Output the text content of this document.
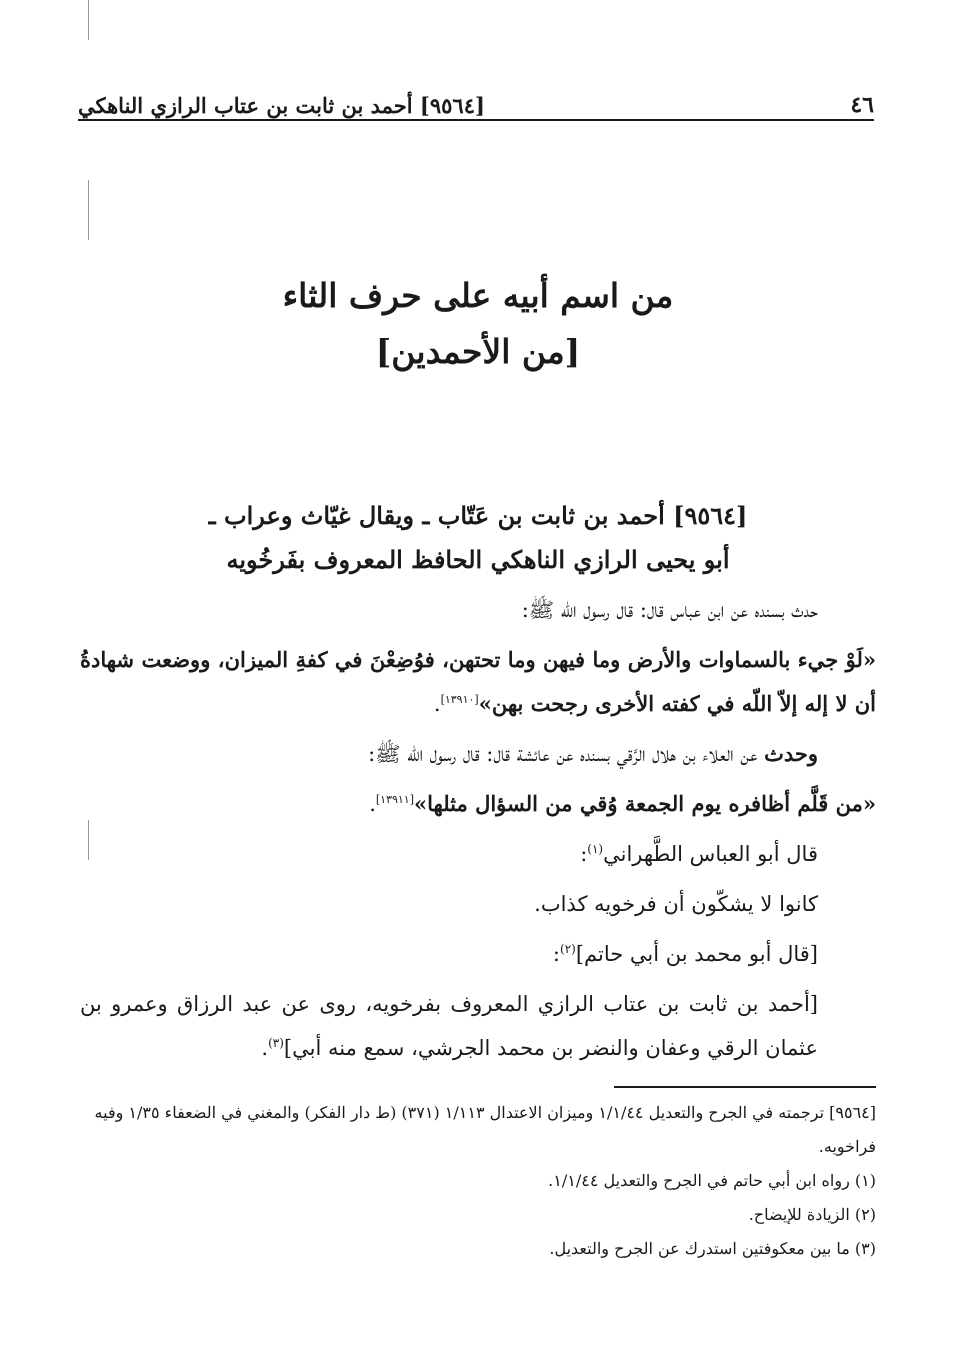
٤٦
[٩٥٦٤] أحمد بن ثابت بن عتاب الرازي الناهكي
من اسم أبيه على حرف الثاء
[من الأحمدين]
[٩٥٦٤] أحمد بن ثابت بن عَتّاب ـ ويقال غيّاث وعراب ـ
أبو يحيى الرازي الناهكي الحافظ المعروف بفَرخُويه

حدث بسنده عن ابن عباس قال: قال رسول الله ﷺ:

«لَوْ جيء بالسماوات والأرض وما فيهن وما تحتهن، فوُضِعْنَ في كفةِ الميزان، ووضعت شهادةُ أن لا إله إلاّ اللّه في كفته الأخرى رجحت بهن»[١٣٩١٠].

وحدث عن العلاء بن هلال الرَّقي بسنده عن عائشة قال: قال رسول الله ﷺ:

«من قَلَّم أظافره يوم الجمعة وُقي من السؤال مثلها»[١٣٩١١].

قال أبو العباس الطَّهراني$^{(١)}$:

كانوا لا يشكّون أن فرخويه كذاب.

[قال أبو محمد بن أبي حاتم]$^{(٢)}$:

[أحمد بن ثابت بن عتاب الرازي المعروف بفرخويه، روى عن عبد الرزاق وعمرو بن عثمان الرقي وعفان والنضر بن محمد الجرشي، سمع منه أبي]$^{(٣)}$.

[٩٥٦٤] ترجمته في الجرح والتعديل ١/١/٤٤ وميزان الاعتدال ١/١١٣ (٣٧١) (ط دار الفكر) والمغني في الضعفاء ١/٣٥ وفيه فراخويه.

(١) رواه ابن أبي حاتم في الجرح والتعديل ١/١/٤٤.

(٢) الزيادة للإيضاح.

(٣) ما بين معكوفتين استدرك عن الجرح والتعديل.
